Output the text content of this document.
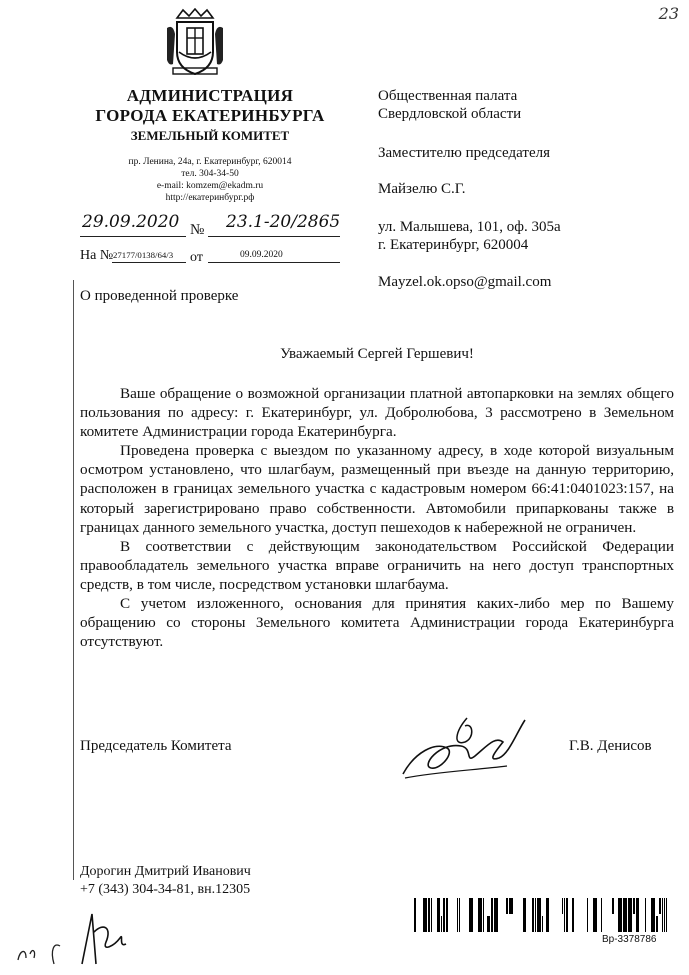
23
АДМИНИСТРАЦИЯ
ГОРОДА ЕКАТЕРИНБУРГА
ЗЕМЕЛЬНЫЙ КОМИТЕТ
пр. Ленина, 24а, г. Екатеринбург, 620014
тел. 304-34-50
e-mail: komzem@ekadm.ru
http://екатеринбург.рф
29.09.2020 № 23.1-20/2865
На № 27177/0138/64/3 от	09.09.2020
О проведенной проверке
Общественная палата
Свердловской области
Заместителю председателя
Майзелю С.Г.
ул. Малышева, 101, оф. 305а
г. Екатеринбург, 620004
Mayzel.ok.opso@gmail.com
Уважаемый Сергей Гершевич!

Ваше обращение о возможной организации платной автопарковки на землях общего пользования по адресу: г. Екатеринбург, ул. Добролюбова, 3 рассмотрено в Земельном комитете Администрации города Екатеринбурга.

Проведена проверка с выездом по указанному адресу, в ходе которой визуальным осмотром установлено, что шлагбаум, размещенный при въезде на данную территорию, расположен в границах земельного участка с кадастровым номером 66:41:0401023:157, на который зарегистрировано право собственности. Автомобили припаркованы также в границах данного земельного участка, доступ пешеходов к набережной не ограничен.

В соответствии с действующим законодательством Российской Федерации правообладатель земельного участка вправе ограничить на него доступ транспортных средств, в том числе, посредством установки шлагбаума.

С учетом изложенного, основания для принятия каких-либо мер по Вашему обращению со стороны Земельного комитета Администрации города Екатеринбурга отсутствуют.

Председатель Комитета	Г.В. Денисов
Дорогин Дмитрий Иванович
+7 (343) 304-34-81, вн.12305
Вр-3378786
